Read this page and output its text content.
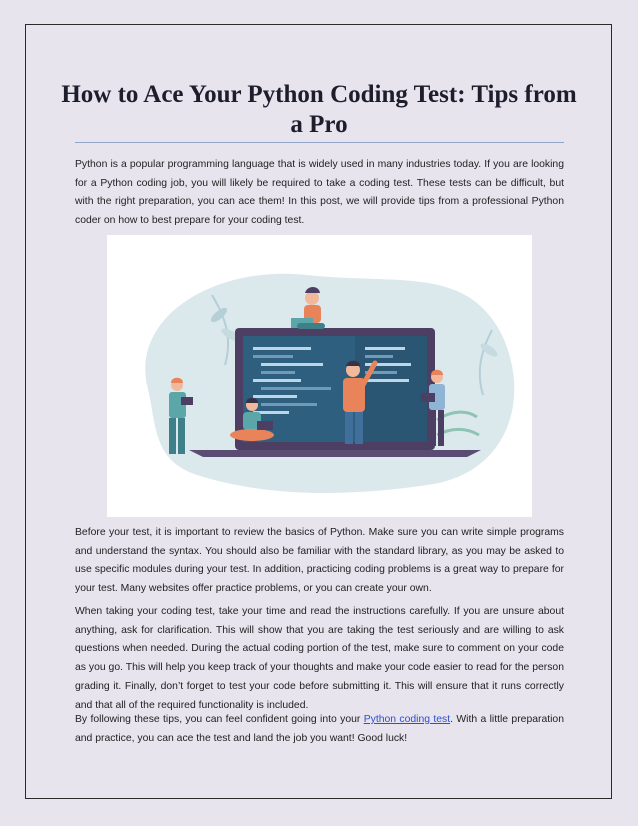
How to Ace Your Python Coding Test: Tips from a Pro

Python is a popular programming language that is widely used in many industries today. If you are looking for a Python coding job, you will likely be required to take a coding test. These tests can be difficult, but with the right preparation, you can ace them! In this post, we will provide tips from a professional Python coder on how to best prepare for your coding test.

Before your test, it is important to review the basics of Python. Make sure you can write simple programs and understand the syntax. You should also be familiar with the standard library, as you may be asked to use specific modules during your test. In addition, practicing coding problems is a great way to prepare for your test. Many websites offer practice problems, or you can create your own.

When taking your coding test, take your time and read the instructions carefully. If you are unsure about anything, ask for clarification. This will show that you are taking the test seriously and are willing to ask questions when needed. During the actual coding portion of the test, make sure to comment on your code as you go. This will help you keep track of your thoughts and make your code easier to read for the person grading it. Finally, don’t forget to test your code before submitting it. This will ensure that it runs correctly and that all of the required functionality is included.

By following these tips, you can feel confident going into your Python coding test. With a little preparation and practice, you can ace the test and land the job you want! Good luck!
